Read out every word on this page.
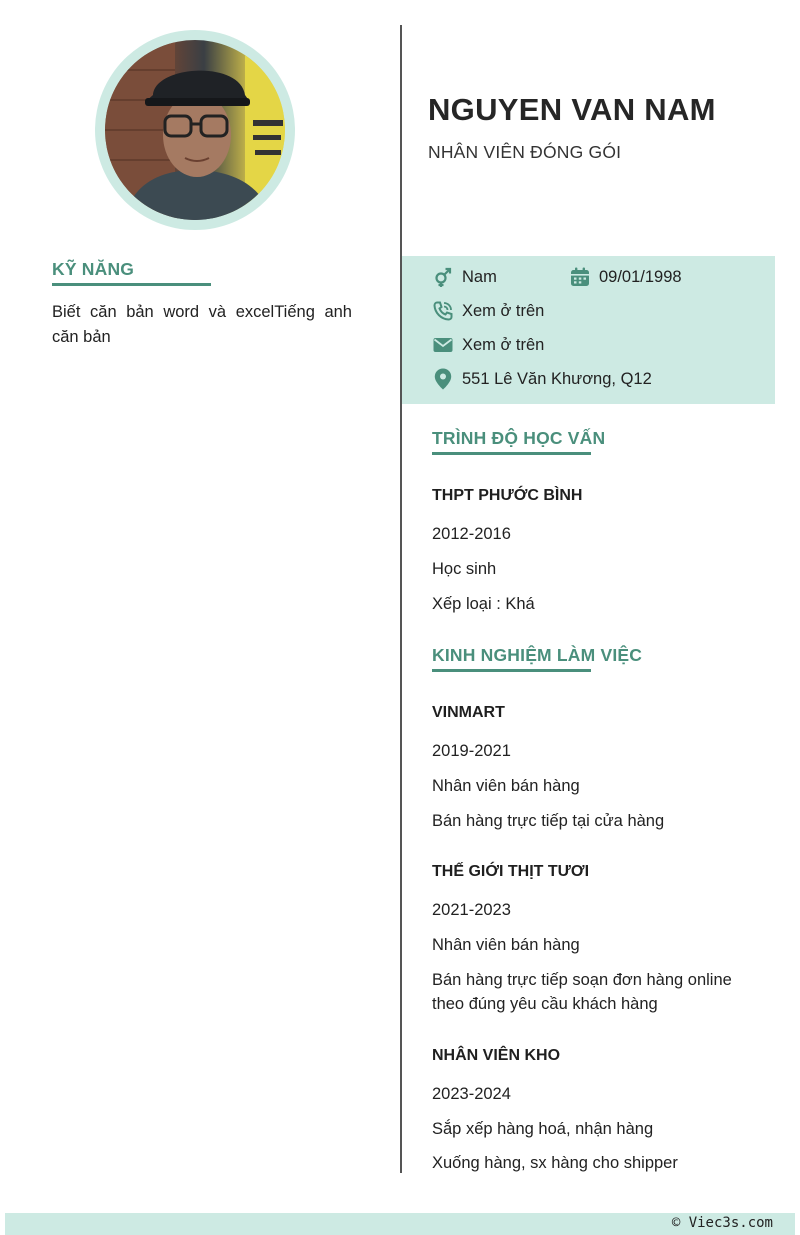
KỸ NĂNG
Biết căn bản word và excelTiếng anh căn bản
NGUYEN VAN NAM
NHÂN VIÊN ĐÓNG GÓI
Nam	09/01/1998
Xem ở trên
Xem ở trên
551 Lê Văn Khương, Q12
TRÌNH ĐỘ HỌC VẤN
THPT PHƯỚC BÌNH
2012-2016
Học sinh
Xếp loại : Khá
KINH NGHIỆM LÀM VIỆC
VINMART
2019-2021
Nhân viên bán hàng
Bán hàng trực tiếp tại cửa hàng
THẾ GIỚI THỊT TƯƠI
2021-2023
Nhân viên bán hàng
Bán hàng trực tiếp soạn đơn hàng online theo đúng yêu cầu khách hàng
NHÂN VIÊN KHO
2023-2024
Sắp xếp hàng hoá, nhận hàng
Xuống hàng, sx hàng cho shipper
© Viec3s.com
